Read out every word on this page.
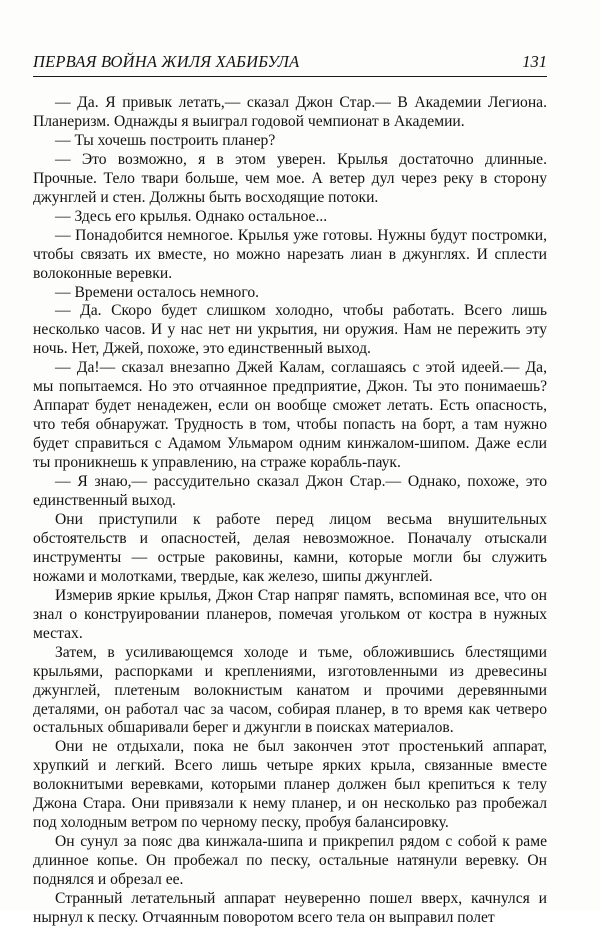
ПЕРВАЯ ВОЙНА ЖИЛЯ ХАБИБУЛА	131

— Да. Я привык летать,— сказал Джон Стар.— В Академии Легиона. Планеризм. Однажды я выиграл годовой чемпионат в Академии.

— Ты хочешь построить планер?

— Это возможно, я в этом уверен. Крылья достаточно длинные. Прочные. Тело твари больше, чем мое. А ветер дул через реку в сторону джунглей и стен. Должны быть восходящие потоки.

— Здесь его крылья. Однако остальное...

— Понадобится немногое. Крылья уже готовы. Нужны будут постромки, чтобы связать их вместе, но можно нарезать лиан в джунглях. И сплести волоконные веревки.

— Времени осталось немного.

— Да. Скоро будет слишком холодно, чтобы работать. Всего лишь несколько часов. И у нас нет ни укрытия, ни оружия. Нам не пережить эту ночь. Нет, Джей, похоже, это единственный выход.

— Да!— сказал внезапно Джей Калам, соглашаясь с этой идеей.— Да, мы попытаемся. Но это отчаянное предприятие, Джон. Ты это понимаешь? Аппарат будет ненадежен, если он вообще сможет летать. Есть опасность, что тебя обнаружат. Трудность в том, чтобы попасть на борт, а там нужно будет справиться с Адамом Ульмаром одним кинжалом-шипом. Даже если ты проникнешь к управлению, на страже корабль-паук.

— Я знаю,— рассудительно сказал Джон Стар.— Однако, похоже, это единственный выход.

Они приступили к работе перед лицом весьма внушительных обстоятельств и опасностей, делая невозможное. Поначалу отыскали инструменты — острые раковины, камни, которые могли бы служить ножами и молотками, твердые, как железо, шипы джунглей.

Измерив яркие крылья, Джон Стар напряг память, вспоминая все, что он знал о конструировании планеров, помечая угольком от костра в нужных местах.

Затем, в усиливающемся холоде и тьме, обложившись блестящими крыльями, распорками и креплениями, изготовленными из древесины джунглей, плетеным волокнистым канатом и прочими деревянными деталями, он работал час за часом, собирая планер, в то время как четверо остальных обшаривали берег и джунгли в поисках материалов.

Они не отдыхали, пока не был закончен этот простенький аппарат, хрупкий и легкий. Всего лишь четыре ярких крыла, связанные вместе волокнитыми веревками, которыми планер должен был крепиться к телу Джона Стара. Они привязали к нему планер, и он несколько раз пробежал под холодным ветром по черному песку, пробуя балансировку.

Он сунул за пояс два кинжала-шипа и прикрепил рядом с собой к раме длинное копье. Он пробежал по песку, остальные натянули веревку. Он поднялся и обрезал ее.

Странный летательный аппарат неуверенно пошел вверх, качнулся и нырнул к песку. Отчаянным поворотом всего тела он выправил полет
